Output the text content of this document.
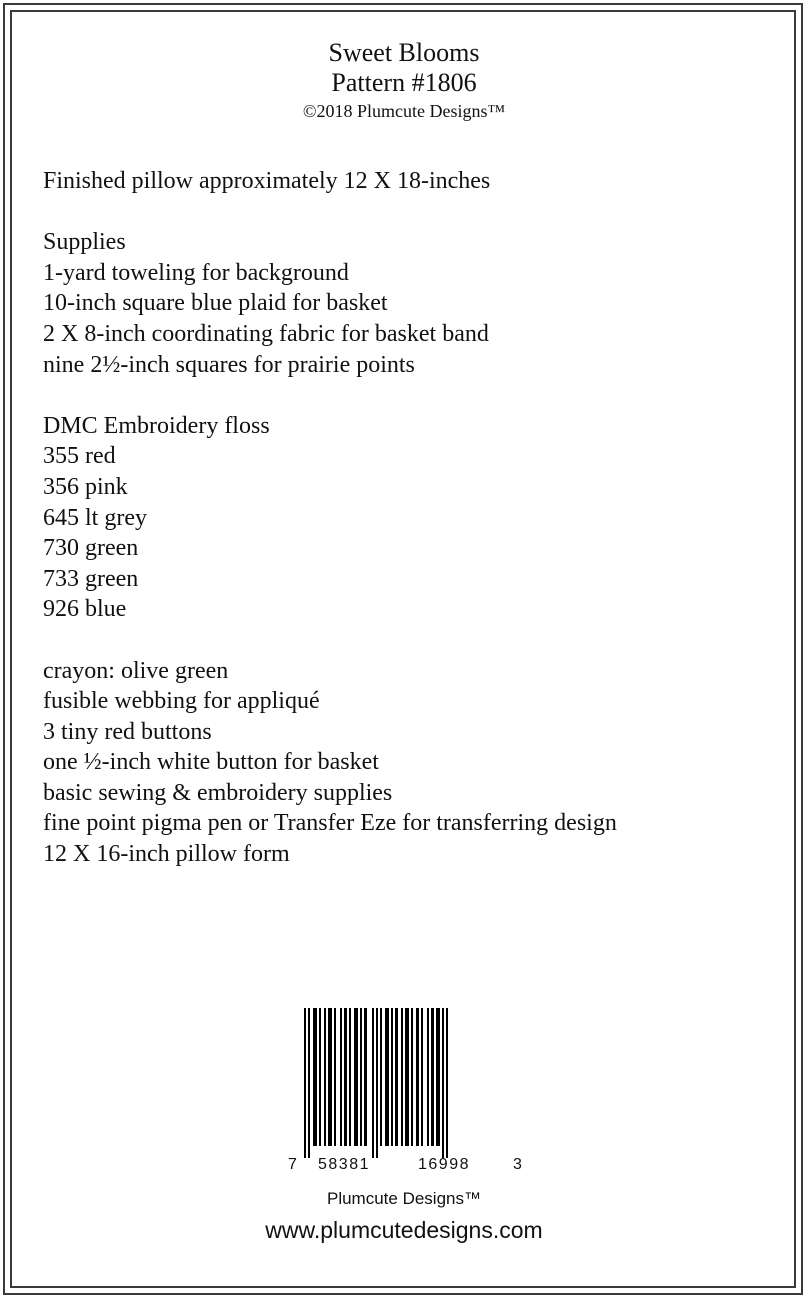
Sweet Blooms

Pattern #1806

©2018 Plumcute Designs™

Finished pillow approximately 12 X 18-inches

Supplies

1-yard toweling for background

10-inch square blue plaid for basket

2 X 8-inch coordinating fabric for basket band

nine 2½-inch squares for prairie points

DMC Embroidery floss

355 red

356 pink

645 lt grey

730 green

733 green

926 blue

crayon: olive green

fusible webbing for appliqué

3 tiny red buttons

one ½-inch white button for basket

basic sewing & embroidery supplies

fine point pigma pen or Transfer Eze for transferring design

12 X 16-inch pillow form

7 58381	16998	3
Plumcute Designs™
www.plumcutedesigns.com
